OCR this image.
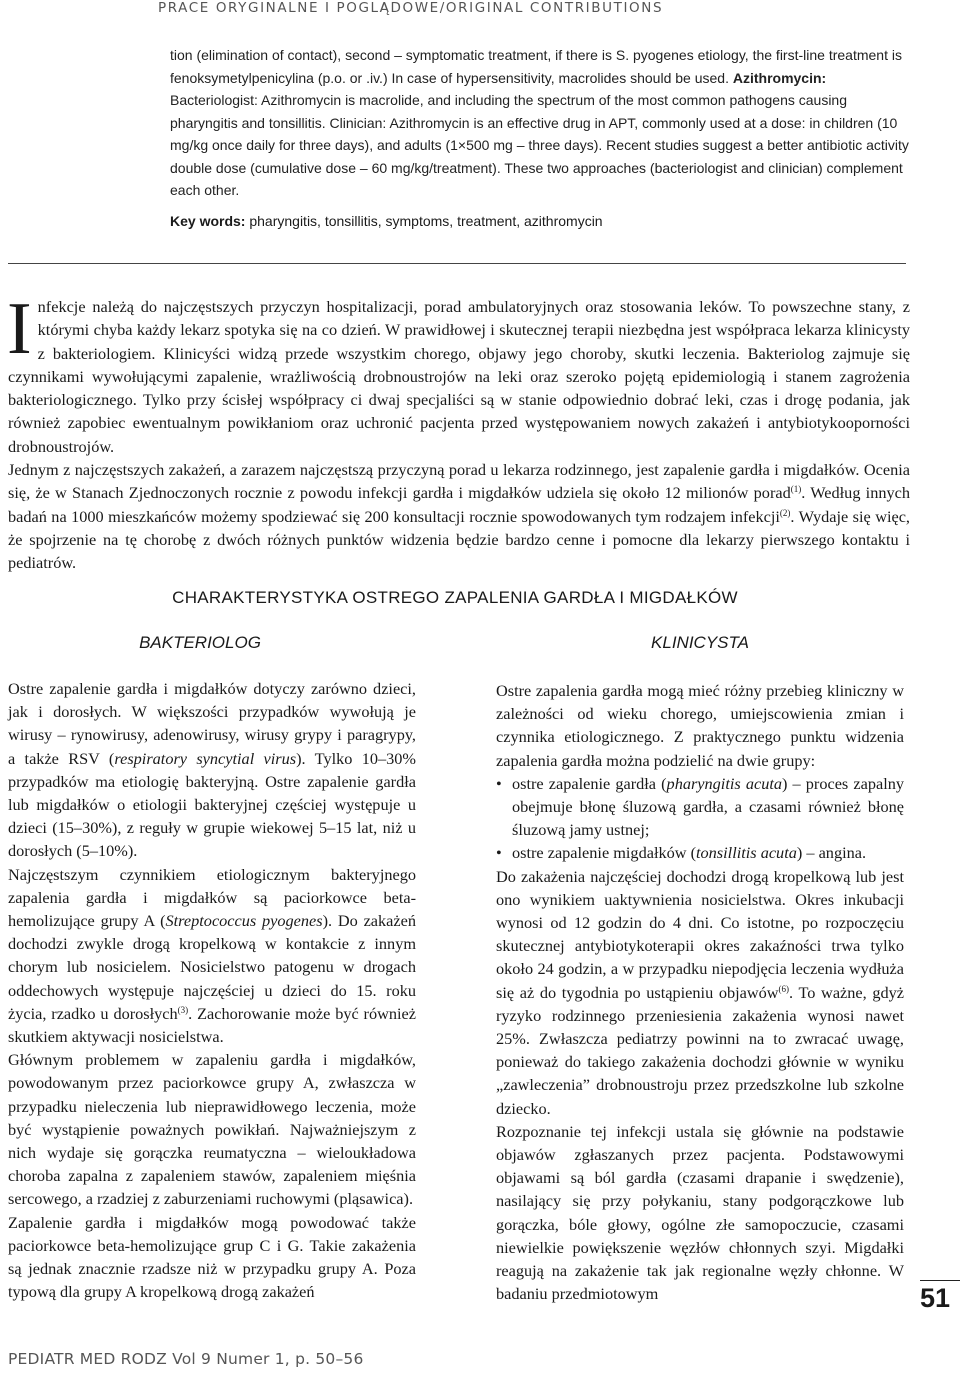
PRACE ORYGINALNE I POGLĄDOWE/ORIGINAL CONTRIBUTIONS

tion (elimination of contact), second – symptomatic treatment, if there is S. pyogenes etiology, the first-line treatment is fenoksymetylpenicylina (p.o. or .iv.) In case of hypersensitivity, macrolides should be used. Azithromycin: Bacteriologist: Azithromycin is macrolide, and including the spectrum of the most common pathogens causing pharyngitis and tonsillitis. Clinician: Azithromycin is an effective drug in APT, commonly used at a dose: in children (10 mg/kg once daily for three days), and adults (1×500 mg – three days). Recent studies suggest a better antibiotic activity double dose (cumulative dose – 60 mg/kg/treatment). These two approaches (bacteriologist and clinician) complement each other.

Key words: pharyngitis, tonsillitis, symptoms, treatment, azithromycin

Infekcje należą do najczęstszych przyczyn hospitalizacji, porad ambulatoryjnych oraz stosowania leków. To powszechne stany, z którymi chyba każdy lekarz spotyka się na co dzień. W prawidłowej i skutecznej terapii niezbędna jest współpraca lekarza klinicysty z bakteriologiem. Klinicyści widzą przede wszystkim chorego, objawy jego choroby, skutki leczenia. Bakteriolog zajmuje się czynnikami wywołującymi zapalenie, wrażliwością drobnoustrojów na leki oraz szeroko pojętą epidemiologią i stanem zagrożenia bakteriologicznego. Tylko przy ścisłej współpracy ci dwaj specjaliści są w stanie odpowiednio dobrać leki, czas i drogę podania, jak również zapobiec ewentualnym powikłaniom oraz uchronić pacjenta przed występowaniem nowych zakażeń i antybiotykooporności drobnoustrojów.

Jednym z najczęstszych zakażeń, a zarazem najczęstszą przyczyną porad u lekarza rodzinnego, jest zapalenie gardła i migdałków. Ocenia się, że w Stanach Zjednoczonych rocznie z powodu infekcji gardła i migdałków udziela się około 12 milionów porad$^{(1)}$. Według innych badań na 1000 mieszkańców możemy spodziewać się 200 konsultacji rocznie spowodowanych tym rodzajem infekcji$^{(2)}$. Wydaje się więc, że spojrzenie na tę chorobę z dwóch różnych punktów widzenia będzie bardzo cenne i pomocne dla lekarzy pierwszego kontaktu i pediatrów.

CHARAKTERYSTYKA OSTREGO ZAPALENIA GARDŁA I MIGDAŁKÓW
BAKTERIOLOG	KLINICYSTA

Ostre zapalenie gardła i migdałków dotyczy zarówno dzieci, jak i dorosłych. W większości przypadków wywołują je wirusy – rynowirusy, adenowirusy, wirusy grypy i paragrypy, a także RSV (respiratory syncytial virus). Tylko 10–30% przypadków ma etiologię bakteryjną. Ostre zapalenie gardła lub migdałków o etiologii bakteryjnej częściej występuje u dzieci (15–30%), z reguły w grupie wiekowej 5–15 lat, niż u dorosłych (5–10%).

Najczęstszym czynnikiem etiologicznym bakteryjnego zapalenia gardła i migdałków są paciorkowce beta-hemolizujące grupy A (Streptococcus pyogenes). Do zakażeń dochodzi zwykle drogą kropelkową w kontakcie z innym chorym lub nosicielem. Nosicielstwo patogenu w drogach oddechowych występuje najczęściej u dzieci do 15. roku życia, rzadko u dorosłych$^{(3)}$. Zachorowanie może być również skutkiem aktywacji nosicielstwa.

Głównym problemem w zapaleniu gardła i migdałków, powodowanym przez paciorkowce grupy A, zwłaszcza w przypadku nieleczenia lub nieprawidłowego leczenia, może być wystąpienie poważnych powikłań. Najważniejszym z nich wydaje się gorączka reumatyczna – wieloukładowa choroba zapalna z zapaleniem stawów, zapaleniem mięśnia sercowego, a rzadziej z zaburzeniami ruchowymi (pląsawica).

Zapalenie gardła i migdałków mogą powodować także paciorkowce beta-hemolizujące grup C i G. Takie zakażenia są jednak znacznie rzadsze niż w przypadku grupy A. Poza typową dla grupy A kropelkową drogą zakażeń

Ostre zapalenia gardła mogą mieć różny przebieg kliniczny w zależności od wieku chorego, umiejscowienia zmian i czynnika etiologicznego. Z praktycznego punktu widzenia zapalenia gardła można podzielić na dwie grupy:

• ostre zapalenie gardła (pharyngitis acuta) – proces zapalny obejmuje błonę śluzową gardła, a czasami również błonę śluzową jamy ustnej;

• ostre zapalenie migdałków (tonsillitis acuta) – angina.

Do zakażenia najczęściej dochodzi drogą kropelkową lub jest ono wynikiem uaktywnienia nosicielstwa. Okres inkubacji wynosi od 12 godzin do 4 dni. Co istotne, po rozpoczęciu skutecznej antybiotykoterapii okres zakaźności trwa tylko około 24 godzin, a w przypadku niepodjęcia leczenia wydłuża się aż do tygodnia po ustąpieniu objawów$^{(6)}$. To ważne, gdyż ryzyko rodzinnego przeniesienia zakażenia wynosi nawet 25%. Zwłaszcza pediatrzy powinni na to zwracać uwagę, ponieważ do takiego zakażenia dochodzi głównie w wyniku „zawleczenia” drobnoustroju przez przedszkolne lub szkolne dziecko.

Rozpoznanie tej infekcji ustala się głównie na podstawie objawów zgłaszanych przez pacjenta. Podstawowymi objawami są ból gardła (czasami drapanie i swędzenie), nasilający się przy połykaniu, stany podgorączkowe lub gorączka, bóle głowy, ogólne złe samopoczucie, czasami niewielkie powiększenie węzłów chłonnych szyi. Migdałki reagują na zakażenie tak jak regionalne węzły chłonne. W badaniu przedmiotowym	51
PEDIATR MED RODZ Vol 9 Numer 1, p. 50–56
